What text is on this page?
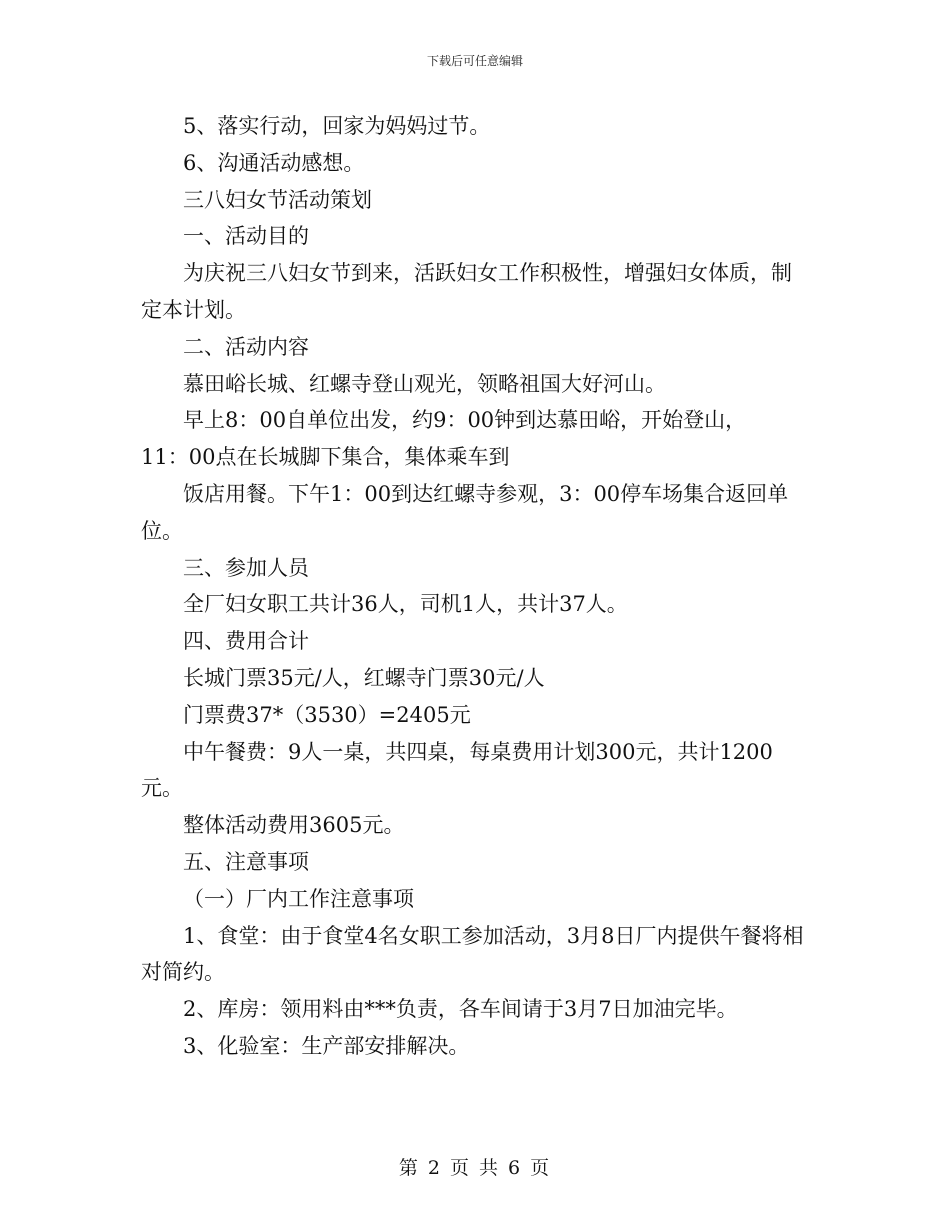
下载后可任意编辑

5、落实行动，回家为妈妈过节。

6、沟通活动感想。

三八妇女节活动策划

一、活动目的

为庆祝三八妇女节到来，活跃妇女工作积极性，增强妇女体质，制定本计划。

二、活动内容

慕田峪长城、红螺寺登山观光，领略祖国大好河山。

早上8：00自单位出发，约9：00钟到达慕田峪，开始登山，

11：00点在长城脚下集合，集体乘车到

饭店用餐。下午1：00到达红螺寺参观，3：00停车场集合返回单位。

三、参加人员

全厂妇女职工共计36人，司机1人，共计37人。

四、费用合计

长城门票35元/人，红螺寺门票30元/人

门票费37*（3530）=2405元

中午餐费：9人一桌，共四桌，每桌费用计划300元，共计1200元。

整体活动费用3605元。

五、注意事项

（一）厂内工作注意事项

1、食堂：由于食堂4名女职工参加活动，3月8日厂内提供午餐将相对简约。

2、库房：领用料由***负责，各车间请于3月7日加油完毕。

3、化验室：生产部安排解决。

第 2 页 共 6 页
